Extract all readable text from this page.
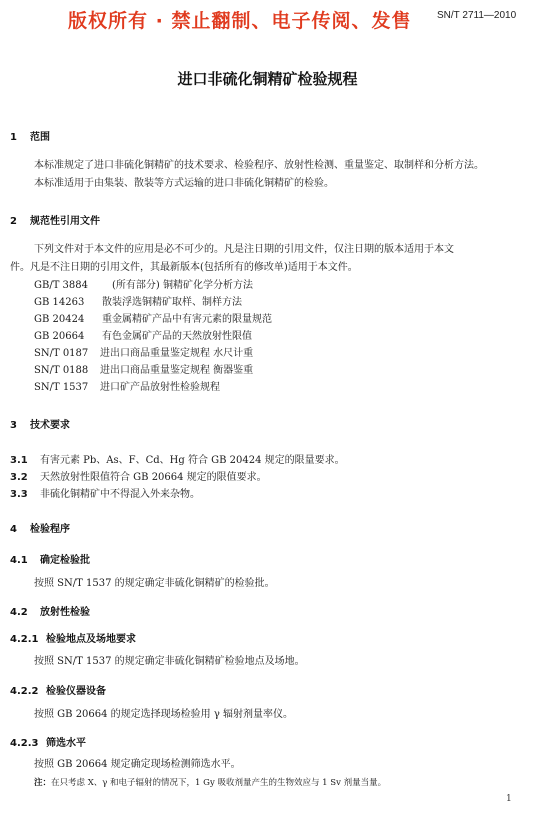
版权所有 · 禁止翻制、电子传阅、发售	SN/T 2711—2010
进口非硫化铜精矿检验规程
1 范围
本标准规定了进口非硫化铜精矿的技术要求、检验程序、放射性检测、重量鉴定、取制样和分析方法。
本标准适用于由集装、散装等方式运输的进口非硫化铜精矿的检验。
2 规范性引用文件
下列文件对于本文件的应用是必不可少的。凡是注日期的引用文件，仅注日期的版本适用于本文
件。凡是不注日期的引用文件，其最新版本(包括所有的修改单)适用于本文件。
GB/T 3884 (所有部分) 铜精矿化学分析方法
GB 14263 散装浮选铜精矿取样、制样方法
GB 20424 重金属精矿产品中有害元素的限量规范
GB 20664 有色金属矿产品的天然放射性限值
SN/T 0187 进出口商品重量鉴定规程 水尺计重
SN/T 0188 进出口商品重量鉴定规程 衡器鉴重
SN/T 1537 进口矿产品放射性检验规程
3 技术要求
3.1 有害元素 Pb、As、F、Cd、Hg 符合 GB 20424 规定的限量要求。
3.2 天然放射性限值符合 GB 20664 规定的限值要求。
3.3 非硫化铜精矿中不得混入外来杂物。
4 检验程序
4.1 确定检验批
按照 SN/T 1537 的规定确定非硫化铜精矿的检验批。
4.2 放射性检验
4.2.1 检验地点及场地要求
按照 SN/T 1537 的规定确定非硫化铜精矿检验地点及场地。
4.2.2 检验仪器设备
按照 GB 20664 的规定选择现场检验用 γ 辐射剂量率仪。
4.2.3 筛选水平
按照 GB 20664 规定确定现场检测筛选水平。
注：在只考虑 X、γ 和电子辐射的情况下，1 Gy 吸收剂量产生的生物效应与 1 Sv 剂量当量。
1
